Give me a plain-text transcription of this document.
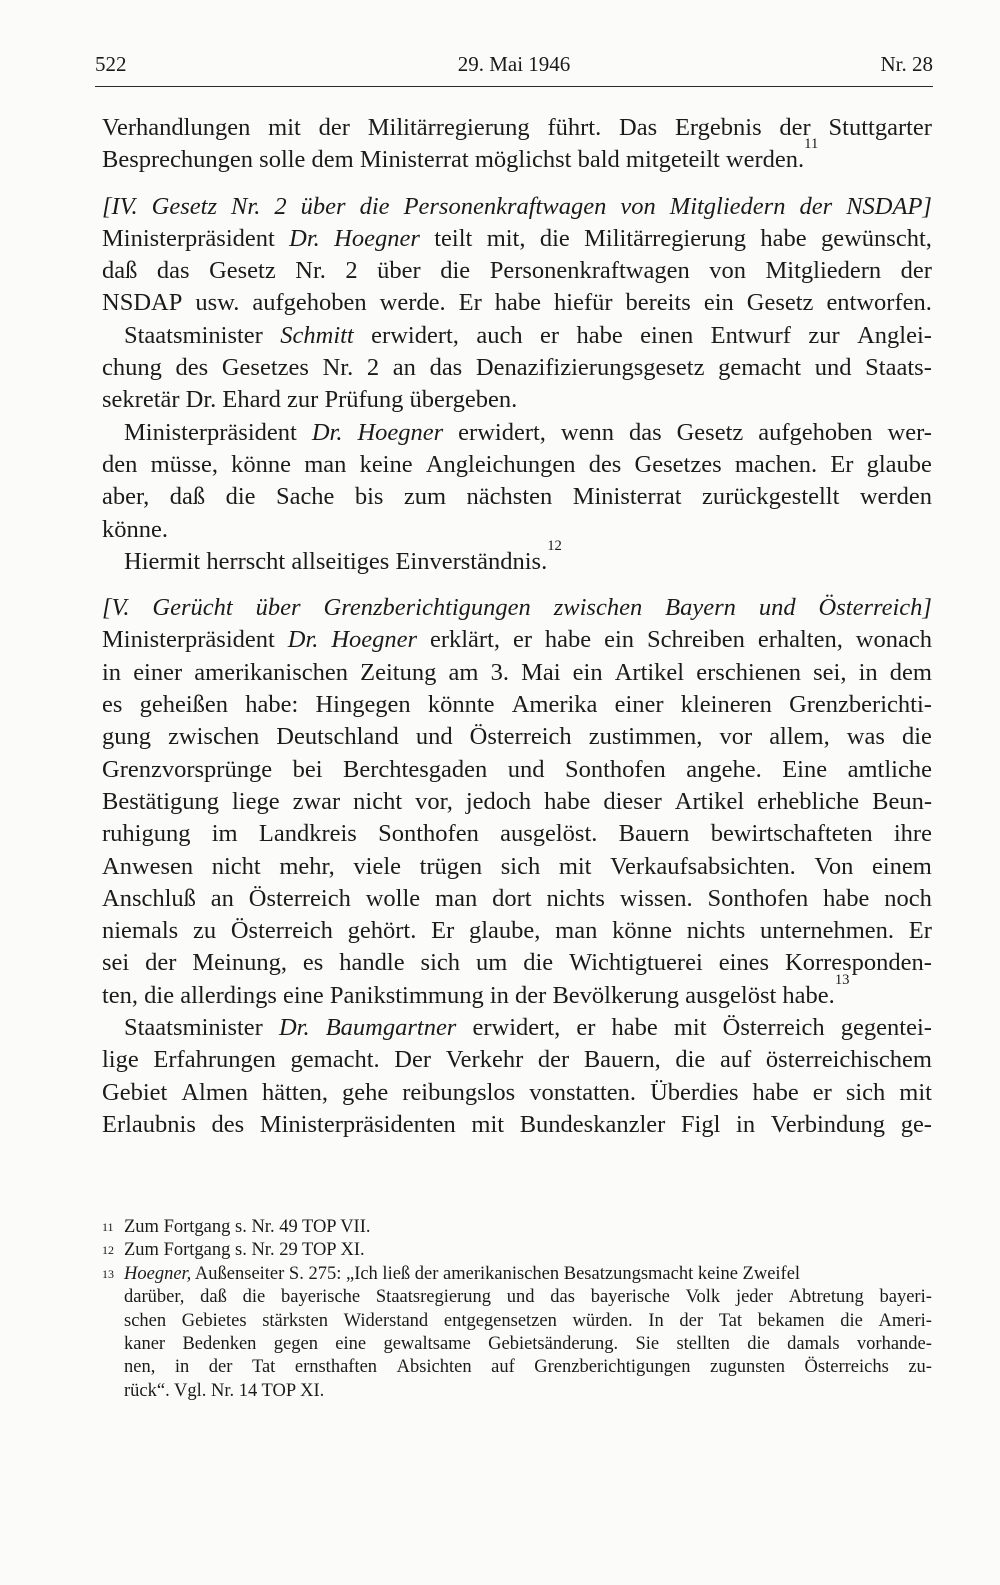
522	29. Mai 1946	Nr. 28
Verhandlungen mit der Militärregierung führt. Das Ergebnis der Stuttgarter
Besprechungen solle dem Ministerrat möglichst bald mitgeteilt werden.
11
[IV. Gesetz Nr. 2 über die Personenkraftwagen von Mitgliedern der NSDAP]
Ministerpräsident Dr. Hoegner teilt mit, die Militärregierung habe gewünscht,
daß das Gesetz Nr. 2 über die Personenkraftwagen von Mitgliedern der
NSDAP usw. aufgehoben werde. Er habe hiefür bereits ein Gesetz entworfen.
Staatsminister Schmitt erwidert, auch er habe einen Entwurf zur Anglei-
chung des Gesetzes Nr. 2 an das Denazifizierungsgesetz gemacht und Staats-
sekretär Dr. Ehard zur Prüfung übergeben.
Ministerpräsident Dr. Hoegner erwidert, wenn das Gesetz aufgehoben wer-
den müsse, könne man keine Angleichungen des Gesetzes machen. Er glaube
aber, daß die Sache bis zum nächsten Ministerrat zurückgestellt werden
könne.
Hiermit herrscht allseitiges Einverständnis.
12
[V. Gerücht über Grenzberichtigungen zwischen Bayern und Österreich]
Ministerpräsident Dr. Hoegner erklärt, er habe ein Schreiben erhalten, wonach
in einer amerikanischen Zeitung am 3. Mai ein Artikel erschienen sei, in dem
es geheißen habe: Hingegen könnte Amerika einer kleineren Grenzberichti-
gung zwischen Deutschland und Österreich zustimmen, vor allem, was die
Grenzvorsprünge bei Berchtesgaden und Sonthofen angehe. Eine amtliche
Bestätigung liege zwar nicht vor, jedoch habe dieser Artikel erhebliche Beun-
ruhigung im Landkreis Sonthofen ausgelöst. Bauern bewirtschafteten ihre
Anwesen nicht mehr, viele trügen sich mit Verkaufsabsichten. Von einem
Anschluß an Österreich wolle man dort nichts wissen. Sonthofen habe noch
niemals zu Österreich gehört. Er glaube, man könne nichts unternehmen. Er
sei der Meinung, es handle sich um die Wichtigtuerei eines Korresponden-
ten, die allerdings eine Panikstimmung in der Bevölkerung ausgelöst habe.
13
Staatsminister Dr. Baumgartner erwidert, er habe mit Österreich gegentei-
lige Erfahrungen gemacht. Der Verkehr der Bauern, die auf österreichischem
Gebiet Almen hätten, gehe reibungslos vonstatten. Überdies habe er sich mit
Erlaubnis des Ministerpräsidenten mit Bundeskanzler Figl in Verbindung ge-
11 Zum Fortgang s. Nr. 49 TOP VII.
12 Zum Fortgang s. Nr. 29 TOP XI.
13 Hoegner, Außenseiter S. 275: „Ich ließ der amerikanischen Besatzungsmacht keine Zweifel
darüber, daß die bayerische Staatsregierung und das bayerische Volk jeder Abtretung bayeri-
schen Gebietes stärksten Widerstand entgegensetzen würden. In der Tat bekamen die Ameri-
kaner Bedenken gegen eine gewaltsame Gebietsänderung. Sie stellten die damals vorhande-
nen, in der Tat ernsthaften Absichten auf Grenzberichtigungen zugunsten Österreichs zu-
rück“. Vgl. Nr. 14 TOP XI.
